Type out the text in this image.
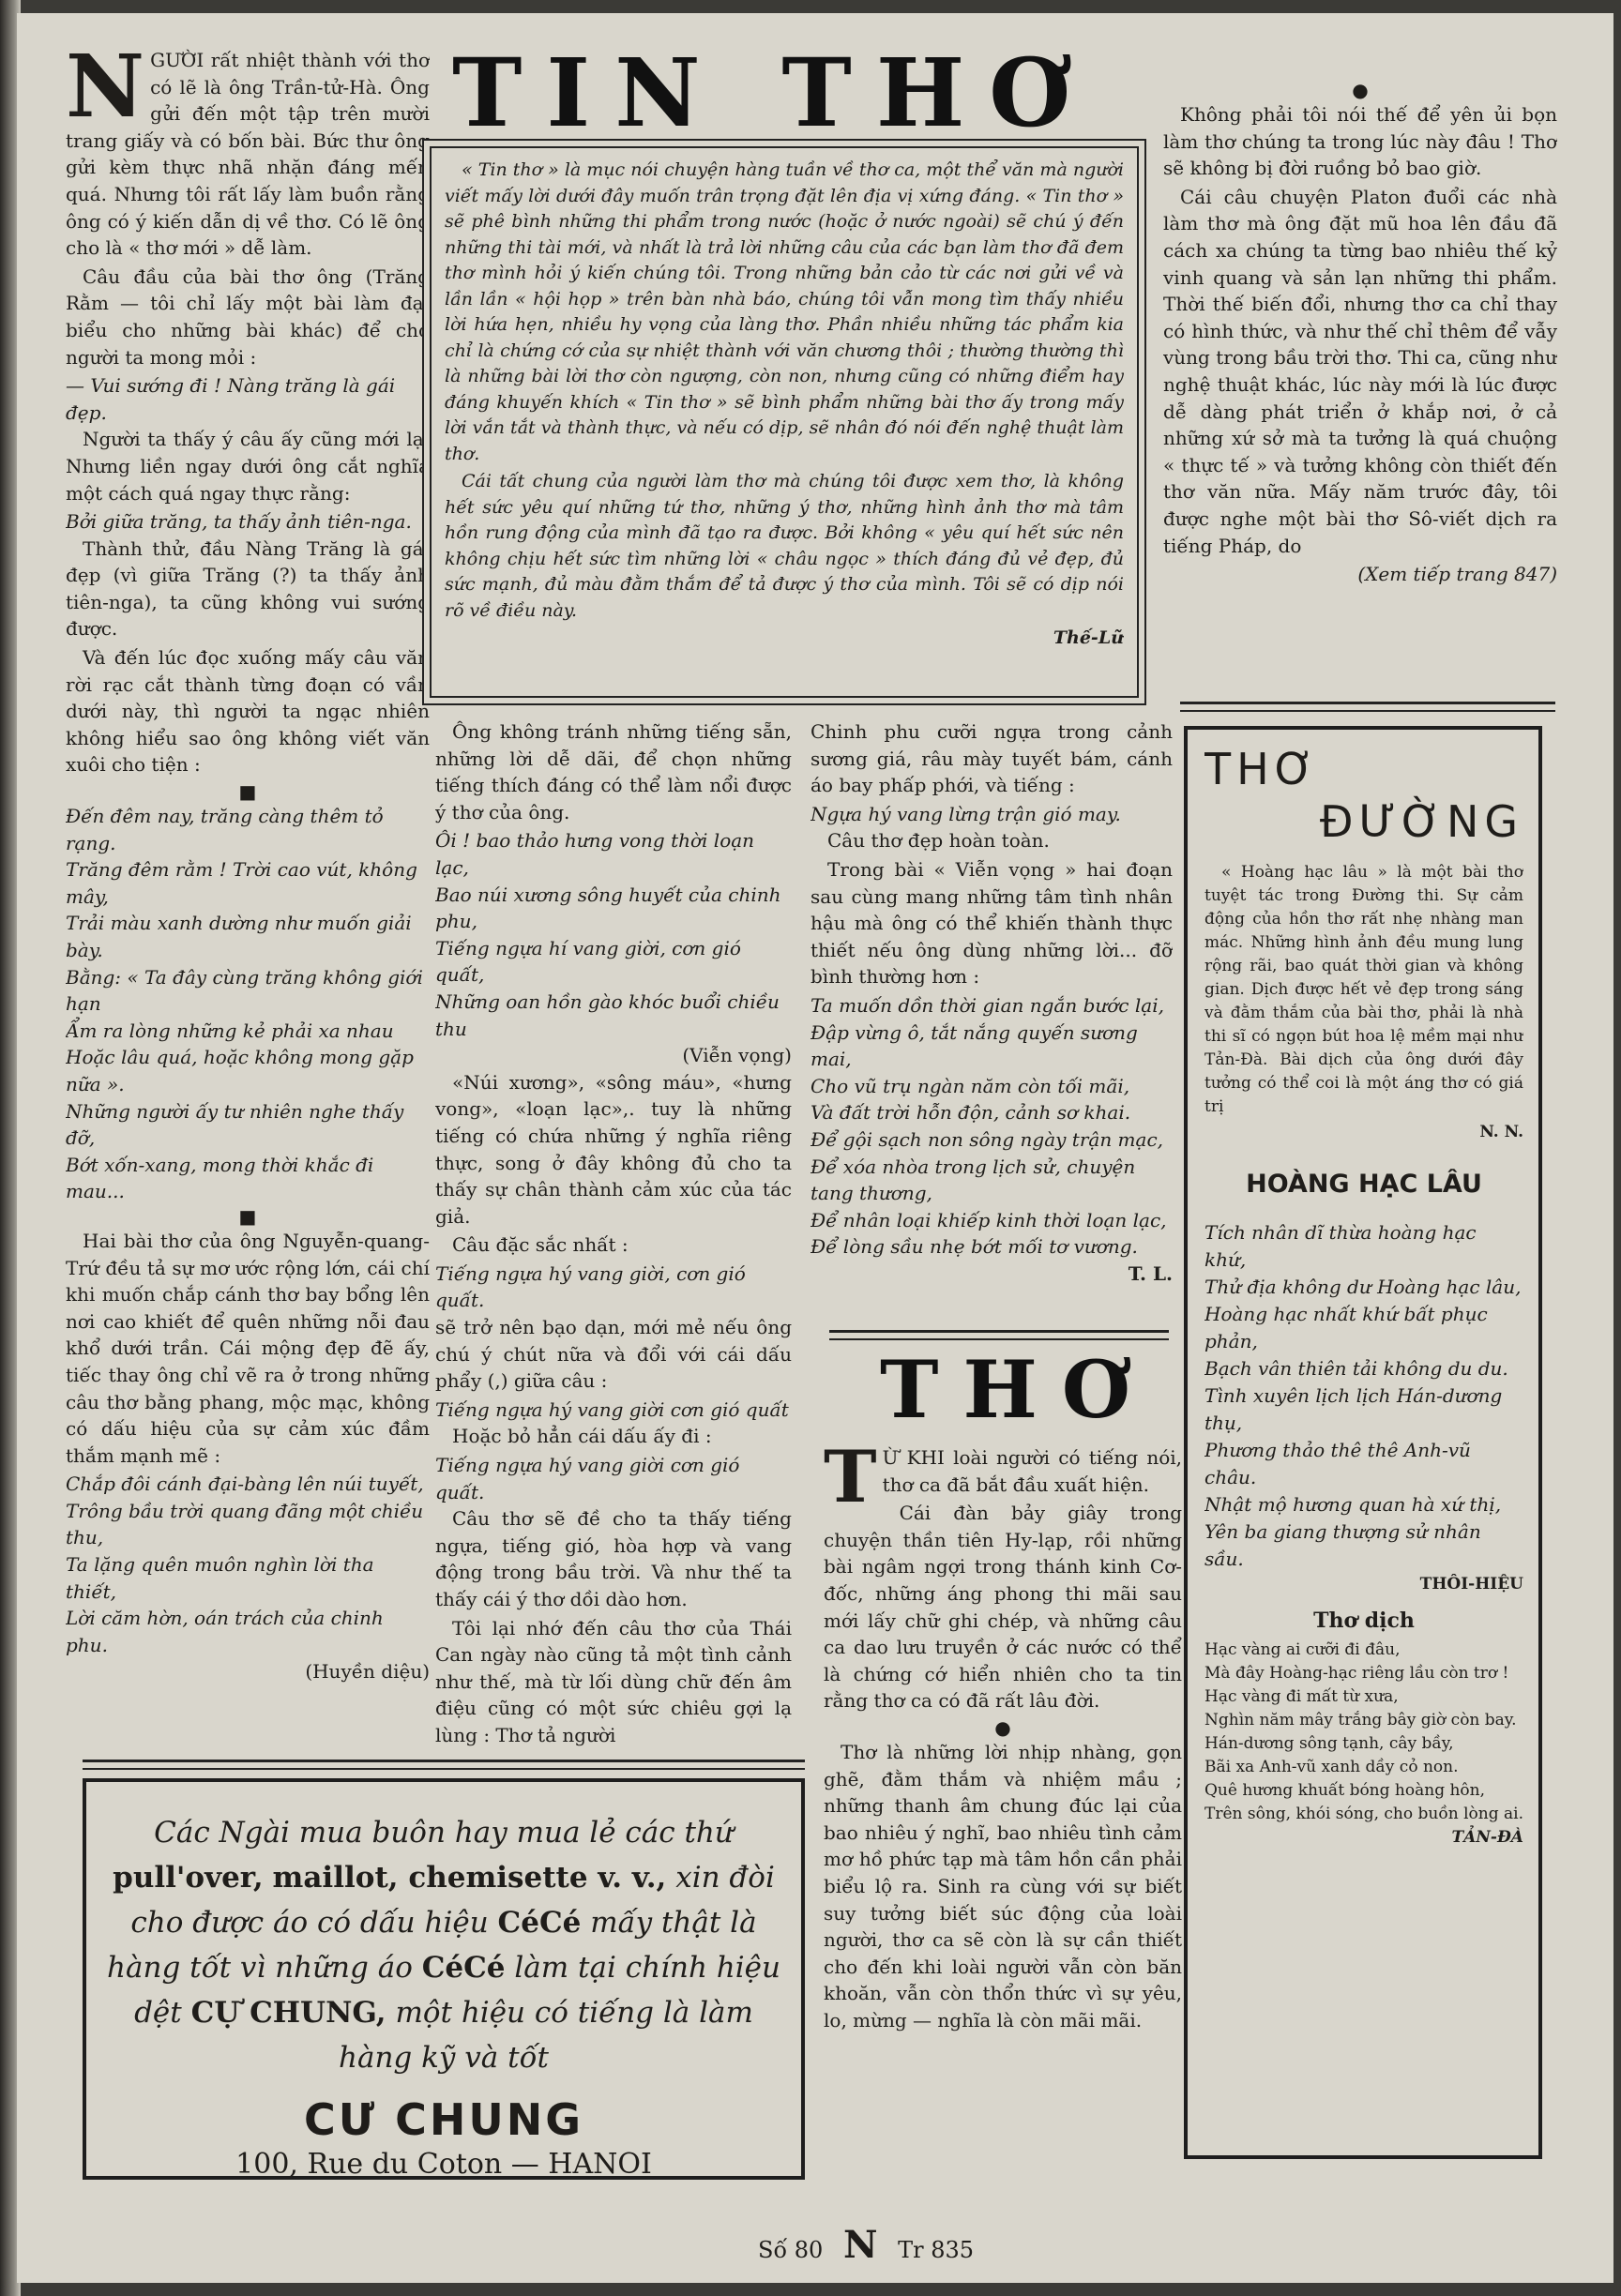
NGƯỜI rất nhiệt thành với thơ có lẽ là ông Trần-tử-Hà. Ông gửi đến một tập trên mười trang giấy và có bốn bài. Bức thư ông gửi kèm thực nhã nhặn đáng mến quá. Nhưng tôi rất lấy làm buồn rằng ông có ý kiến dẫn dị về thơ. Có lẽ ông cho là « thơ mới » dễ làm.

Câu đầu của bài thơ ông (Trăng Rằm — tôi chỉ lấy một bài làm đại biểu cho những bài khác) để cho người ta mong mỏi :

— Vui sướng đi ! Nàng trăng là gái đẹp.

Người ta thấy ý câu ấy cũng mới lạ. Nhưng liền ngay dưới ông cắt nghĩa một cách quá ngay thực rằng:

Bởi giữa trăng, ta thấy ảnh tiên-nga.

Thành thử, đầu Nàng Trăng là gái đẹp (vì giữa Trăng (?) ta thấy ảnh tiên-nga), ta cũng không vui sướng được.

Và đến lúc đọc xuống mấy câu văn rời rạc cắt thành từng đoạn có vần dưới này, thì người ta ngạc nhiên không hiểu sao ông không viết văn xuôi cho tiện :

■
Đến đêm nay, trăng càng thêm tỏ rạng.
Trăng đêm rằm ! Trời cao vút, không mây,
Trải màu xanh dường như muốn giải bày.
Bằng: « Ta đây cùng trăng không giới hạn
Ẩm ra lòng những kẻ phải xa nhau
Hoặc lâu quá, hoặc không mong gặp nữa ».
Những người ấy tư nhiên nghe thấy đỡ,
Bớt xốn-xang, mong thời khắc đi mau...
■

Hai bài thơ của ông Nguyễn-quang-Trứ đều tả sự mơ ước rộng lớn, cái chí khi muốn chắp cánh thơ bay bổng lên nơi cao khiết để quên những nỗi đau khổ dưới trần. Cái mộng đẹp đẽ ấy, tiếc thay ông chỉ vẽ ra ở trong những câu thơ bằng phang, mộc mạc, không có dấu hiệu của sự cảm xúc đầm thắm mạnh mẽ :

Chắp đôi cánh đại-bàng lên núi tuyết,
Trông bầu trời quang đãng một chiều thu,
Ta lặng quên muôn nghìn lời tha thiết,
Lời căm hờn, oán trách của chinh phu.
(Huyền diệu)
TIN THƠ

« Tin thơ » là mục nói chuyện hàng tuần về thơ ca, một thể văn mà người viết mấy lời dưới đây muốn trân trọng đặt lên địa vị xứng đáng. « Tin thơ » sẽ phê bình những thi phẩm trong nước (hoặc ở nước ngoài) sẽ chú ý đến những thi tài mới, và nhất là trả lời những câu của các bạn làm thơ đã đem thơ mình hỏi ý kiến chúng tôi. Trong những bản cảo từ các nơi gửi về và lần lần « hội họp » trên bàn nhà báo, chúng tôi vẫn mong tìm thấy nhiều lời hứa hẹn, nhiều hy vọng của làng thơ. Phần nhiều những tác phẩm kia chỉ là chứng cớ của sự nhiệt thành với văn chương thôi ; thường thường thì là những bài lời thơ còn ngượng, còn non, nhưng cũng có những điểm hay đáng khuyến khích « Tin thơ » sẽ bình phẩm những bài thơ ấy trong mấy lời vắn tắt và thành thực, và nếu có dịp, sẽ nhân đó nói đến nghệ thuật làm thơ.

Cái tất chung của người làm thơ mà chúng tôi được xem thơ, là không hết sức yêu quí những tứ thơ, những ý thơ, những hình ảnh thơ mà tâm hồn rung động của mình đã tạo ra được. Bởi không « yêu quí hết sức nên không chịu hết sức tìm những lời « châu ngọc » thích đáng đủ vẻ đẹp, đủ sức mạnh, đủ màu đằm thắm để tả được ý thơ của mình. Tôi sẽ có dịp nói rõ về điều này.

Thế-Lữ

Ông không tránh những tiếng sẵn, những lời dễ dãi, để chọn những tiếng thích đáng có thể làm nổi được ý thơ của ông.

Ôi ! bao thảo hưng vong thời loạn lạc,
Bao núi xương sông huyết của chinh phu,
Tiếng ngựa hí vang giời, cơn gió quất,
Những oan hồn gào khóc buổi chiều thu
(Viễn vọng)

«Núi xương», «sông máu», «hưng vong», «loạn lạc»,. tuy là những tiếng có chứa những ý nghĩa riêng thực, song ở đây không đủ cho ta thấy sự chân thành cảm xúc của tác giả.

Câu đặc sắc nhất :

Tiếng ngựa hý vang giời, cơn gió quất.

sẽ trở nên bạo dạn, mới mẻ nếu ông chú ý chút nữa và đổi với cái dấu phẩy (,) giữa câu :

Tiếng ngựa hý vang giời cơn gió quất

Hoặc bỏ hẳn cái dấu ấy đi :

Tiếng ngựa hý vang giời cơn gió quất.

Câu thơ sẽ đề cho ta thấy tiếng ngựa, tiếng gió, hòa hợp và vang động trong bầu trời. Và như thế ta thấy cái ý thơ dồi dào hơn.

Tôi lại nhớ đến câu thơ của Thái Can ngày nào cũng tả một tình cảnh như thế, mà từ lối dùng chữ đến âm điệu cũng có một sức chiêu gợi lạ lùng : Thơ tả người

Chinh phu cưỡi ngựa trong cảnh sương giá, râu mày tuyết bám, cánh áo bay phấp phới, và tiếng :

Ngựa hý vang lừng trận gió may.

Câu thơ đẹp hoàn toàn.

Trong bài « Viễn vọng » hai đoạn sau cùng mang những tâm tình nhân hậu mà ông có thể khiến thành thực thiết nếu ông dùng những lời... đỡ bình thường hơn :

Ta muốn dồn thời gian ngắn bước lại,
Đập vừng ô, tắt nắng quyến sương mai,
Cho vũ trụ ngàn năm còn tối mãi,
Và đất trời hỗn độn, cảnh sơ khai.
Để gội sạch non sông ngày trận mạc,
Để xóa nhòa trong lịch sử, chuyện tang thương,
Để nhân loại khiếp kinh thời loạn lạc,
Để lòng sầu nhẹ bớt mối tơ vương.
T. L.
THƠ

T Ừ KHI loài người có tiếng nói, thơ ca đã bắt đầu xuất hiện.

Cái đàn bảy giây trong chuyện thần tiên Hy-lạp, rồi những bài ngâm ngợi trong thánh kinh Cơ-đốc, những áng phong thi mãi sau mới lấy chữ ghi chép, và những câu ca dao lưu truyền ở các nước có thể là chứng cớ hiển nhiên cho ta tin rằng thơ ca có đã rất lâu đời.

●

Thơ là những lời nhịp nhàng, gọn ghẽ, đằm thắm và nhiệm mầu ; những thanh âm chung đúc lại của bao nhiêu ý nghĩ, bao nhiêu tình cảm mơ hồ phức tạp mà tâm hồn cần phải biểu lộ ra. Sinh ra cùng với sự biết suy tưởng biết súc động của loài người, thơ ca sẽ còn là sự cần thiết cho đến khi loài người vẫn còn băn khoăn, vẫn còn thổn thức vì sự yêu, lo, mừng — nghĩa là còn mãi mãi.

●

Không phải tôi nói thế để yên ủi bọn làm thơ chúng ta trong lúc này đâu ! Thơ sẽ không bị đời ruồng bỏ bao giờ.

Cái câu chuyện Platon đuổi các nhà làm thơ mà ông đặt mũ hoa lên đầu đã cách xa chúng ta từng bao nhiêu thế kỷ vinh quang và sản lạn những thi phẩm. Thời thế biến đổi, nhưng thơ ca chỉ thay có hình thức, và như thế chỉ thêm để vẫy vùng trong bầu trời thơ. Thi ca, cũng như nghệ thuật khác, lúc này mới là lúc được dễ dàng phát triển ở khắp nơi, ở cả những xứ sở mà ta tưởng là quá chuộng « thực tế » và tưởng không còn thiết đến thơ văn nữa. Mấy năm trước đây, tôi được nghe một bài thơ Sô-viết dịch ra tiếng Pháp, do

(Xem tiếp trang 847)
THƠ
ĐƯỜNG

« Hoàng hạc lâu » là một bài thơ tuyệt tác trong Đường thi. Sự cảm động của hồn thơ rất nhẹ nhàng man mác. Những hình ảnh đều mung lung rộng rãi, bao quát thời gian và không gian. Dịch được hết vẻ đẹp trong sáng và đằm thắm của bài thơ, phải là nhà thi sĩ có ngọn bút hoa lệ mềm mại như Tản-Đà. Bài dịch của ông dưới đây tưởng có thể coi là một áng thơ có giá trị

N. N.
HOÀNG HẠC LÂU
Tích nhân dĩ thừa hoàng hạc khứ,
Thử địa không dư Hoàng hạc lâu,
Hoàng hạc nhất khứ bất phục phản,
Bạch vân thiên tải không du du.
Tình xuyên lịch lịch Hán-dương thụ,
Phương thảo thê thê Anh-vũ châu.
Nhật mộ hương quan hà xứ thị,
Yên ba giang thượng sử nhân sầu.
THÔI-HIỆU
Thơ dịch
Hạc vàng ai cưỡi đi đâu,
Mà đây Hoàng-hạc riêng lầu còn trơ !
Hạc vàng đi mất từ xưa,
Nghìn năm mây trắng bây giờ còn bay.
Hán-dương sông tạnh, cây bầy,
Bãi xa Anh-vũ xanh dầy cỏ non.
Quê hương khuất bóng hoàng hôn,
Trên sông, khói sóng, cho buồn lòng ai.
TẢN-ĐÀ
Các Ngài mua buôn hay mua lẻ các thứ pull'over, maillot, chemisette v. v., xin đòi cho được áo có dấu hiệu CéCé mấy thật là hàng tốt vì những áo CéCé làm tại chính hiệu dệt CỰ CHUNG, một hiệu có tiếng là làm hàng kỹ và tốt
CƯ CHUNG
100, Rue du Coton — HANOI
Số 80 N Tr 835
